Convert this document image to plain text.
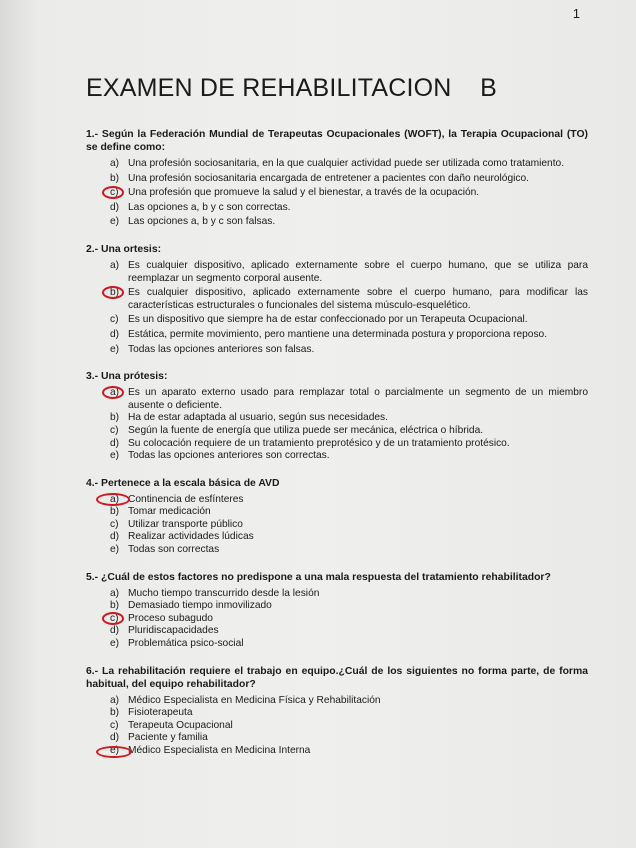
1
EXAMEN DE REHABILITACION    B
1.- Según la Federación Mundial de Terapeutas Ocupacionales (WOFT), la Terapia Ocupacional (TO) se define como:
a) Una profesión sociosanitaria, en la que cualquier actividad puede ser utilizada como tratamiento.
b) Una profesión sociosanitaria encargada de entretener a pacientes con daño neurológico.
c) Una profesión que promueve la salud y el bienestar, a través de la ocupación.
d) Las opciones a, b y c son correctas.
e) Las opciones a, b y c son falsas.
2.- Una ortesis:
a) Es cualquier dispositivo, aplicado externamente sobre el cuerpo humano, que se utiliza para reemplazar un segmento corporal ausente.
b) Es cualquier dispositivo, aplicado externamente sobre el cuerpo humano, para modificar las características estructurales o funcionales del sistema músculo-esquelético.
c) Es un dispositivo que siempre ha de estar confeccionado por un Terapeuta Ocupacional.
d) Estática, permite movimiento, pero mantiene una determinada postura y proporciona reposo.
e) Todas las opciones anteriores son falsas.
3.- Una prótesis:
a) Es un aparato externo usado para remplazar total o parcialmente un segmento de un miembro ausente o deficiente.
b) Ha de estar adaptada al usuario, según sus necesidades.
c) Según la fuente de energía que utiliza puede ser mecánica, eléctrica o híbrida.
d) Su colocación requiere de un tratamiento preprotésico y de un tratamiento protésico.
e) Todas las opciones anteriores son correctas.
4.- Pertenece a la escala básica de AVD
a) Continencia de esfínteres
b) Tomar medicación
c) Utilizar transporte público
d) Realizar actividades lúdicas
e) Todas son correctas
5.- ¿Cuál de estos factores no predispone a una mala respuesta del tratamiento rehabilitador?
a) Mucho tiempo transcurrido desde la lesión
b) Demasiado tiempo inmovilizado
c) Proceso subagudo
d) Pluridiscapacidades
e) Problemática psico-social
6.- La rehabilitación requiere el trabajo en equipo.¿Cuál de los siguientes no forma parte, de forma habitual, del equipo rehabilitador?
a) Médico Especialista en Medicina Física y Rehabilitación
b) Fisioterapeuta
c) Terapeuta Ocupacional
d) Paciente y familia
e) Médico Especialista en Medicina Interna
